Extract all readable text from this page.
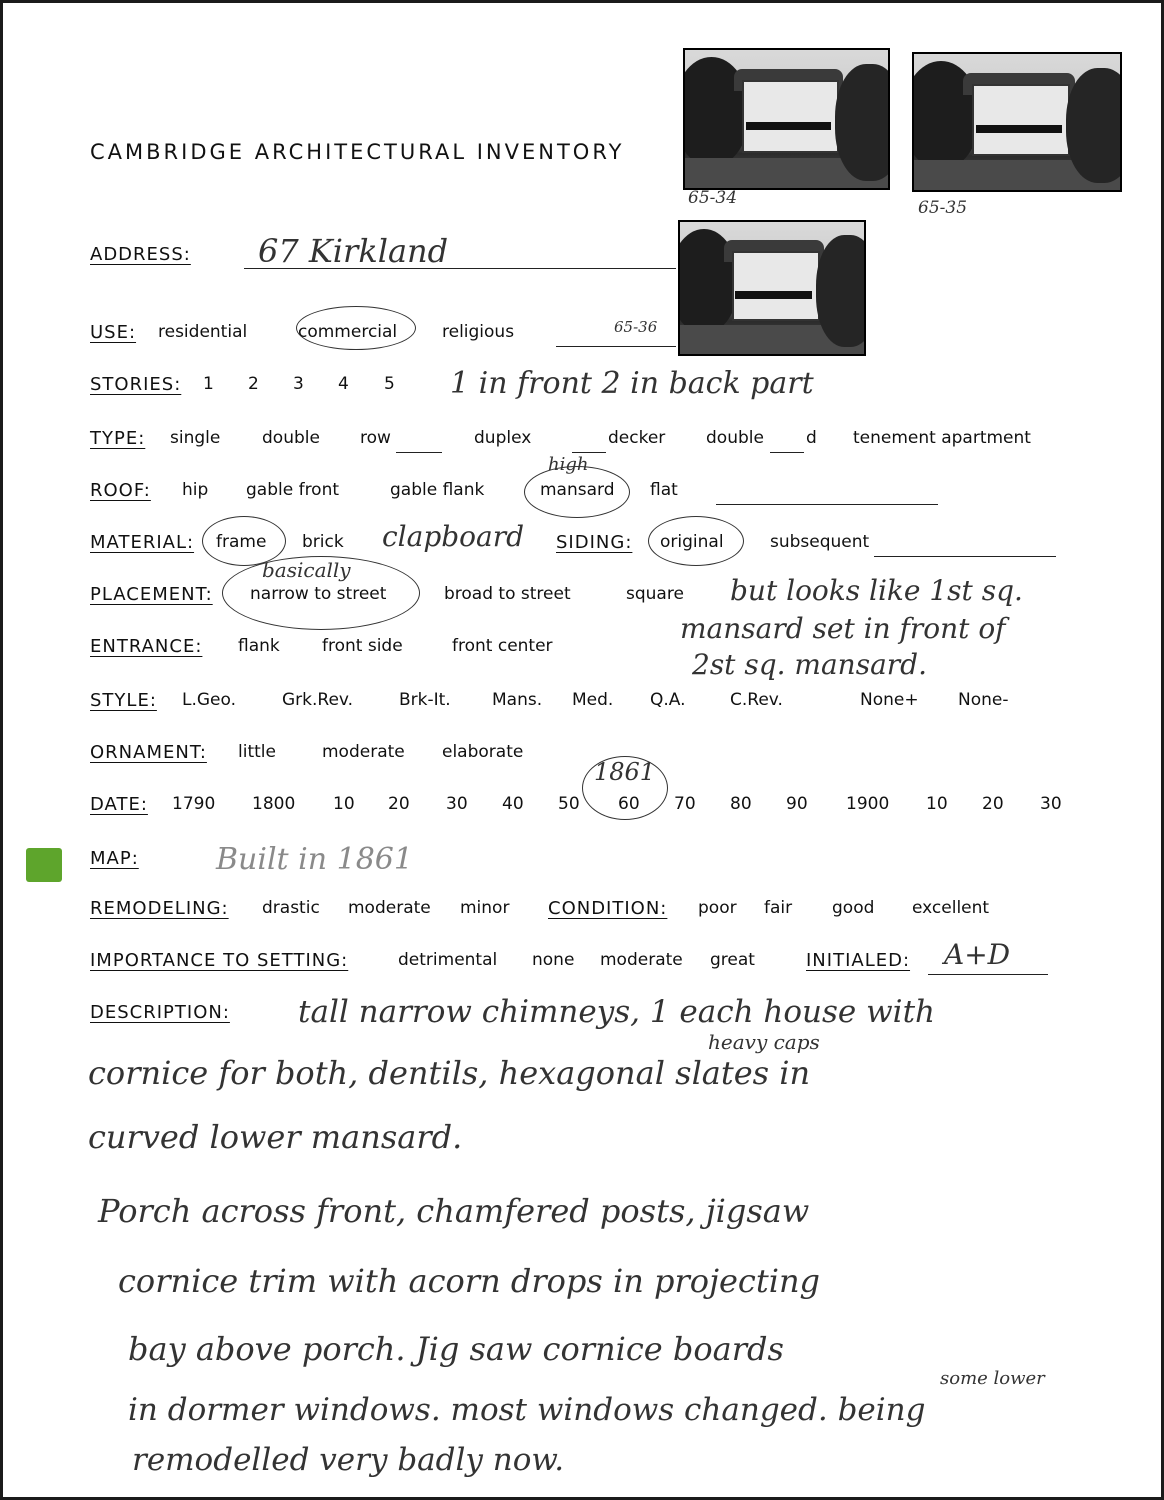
CAMBRIDGE ARCHITECTURAL INVENTORY
65-34	65-35
65-36
ADDRESS: 67 Kirkland
USE: residential	commercial	religious
STORIES: 1 2 3 4 5 1 in front 2 in back part
TYPE: single double row	duplex	decker double d tenement apartment
ROOF: hip gable front	gable flank	mansard
high
flat
MATERIAL: frame brick clapboard SIDING: original	subsequent
PLACEMENT: narrow to street
basically
broad to street	square but looks like 1st sq.
mansard set in front of
2st sq. mansard.
ENTRANCE: flank front side	front center
STYLE: L.Geo.	Grk.Rev.	Brk-It. Mans. Med. Q.A.	C.Rev.	None+ None-
ORNAMENT: little	moderate elaborate
DATE: 1790 1800 10 20 30 40 50 60
1861
70 80 90 1900 10 20 30
MAP:	Built in 1861
REMODELING: drastic moderate minor CONDITION: poor fair good excellent
IMPORTANCE TO SETTING:	detrimental none moderate great	INITIALED: A+D
DESCRIPTION: tall narrow chimneys, 1 each house with
heavy caps
cornice for both, dentils, hexagonal slates in
curved lower mansard.
Porch across front, chamfered posts, jigsaw
cornice trim with acorn drops in projecting
bay above porch. Jig saw cornice boards
some lower
in dormer windows. most windows changed. being
remodelled very badly now.
